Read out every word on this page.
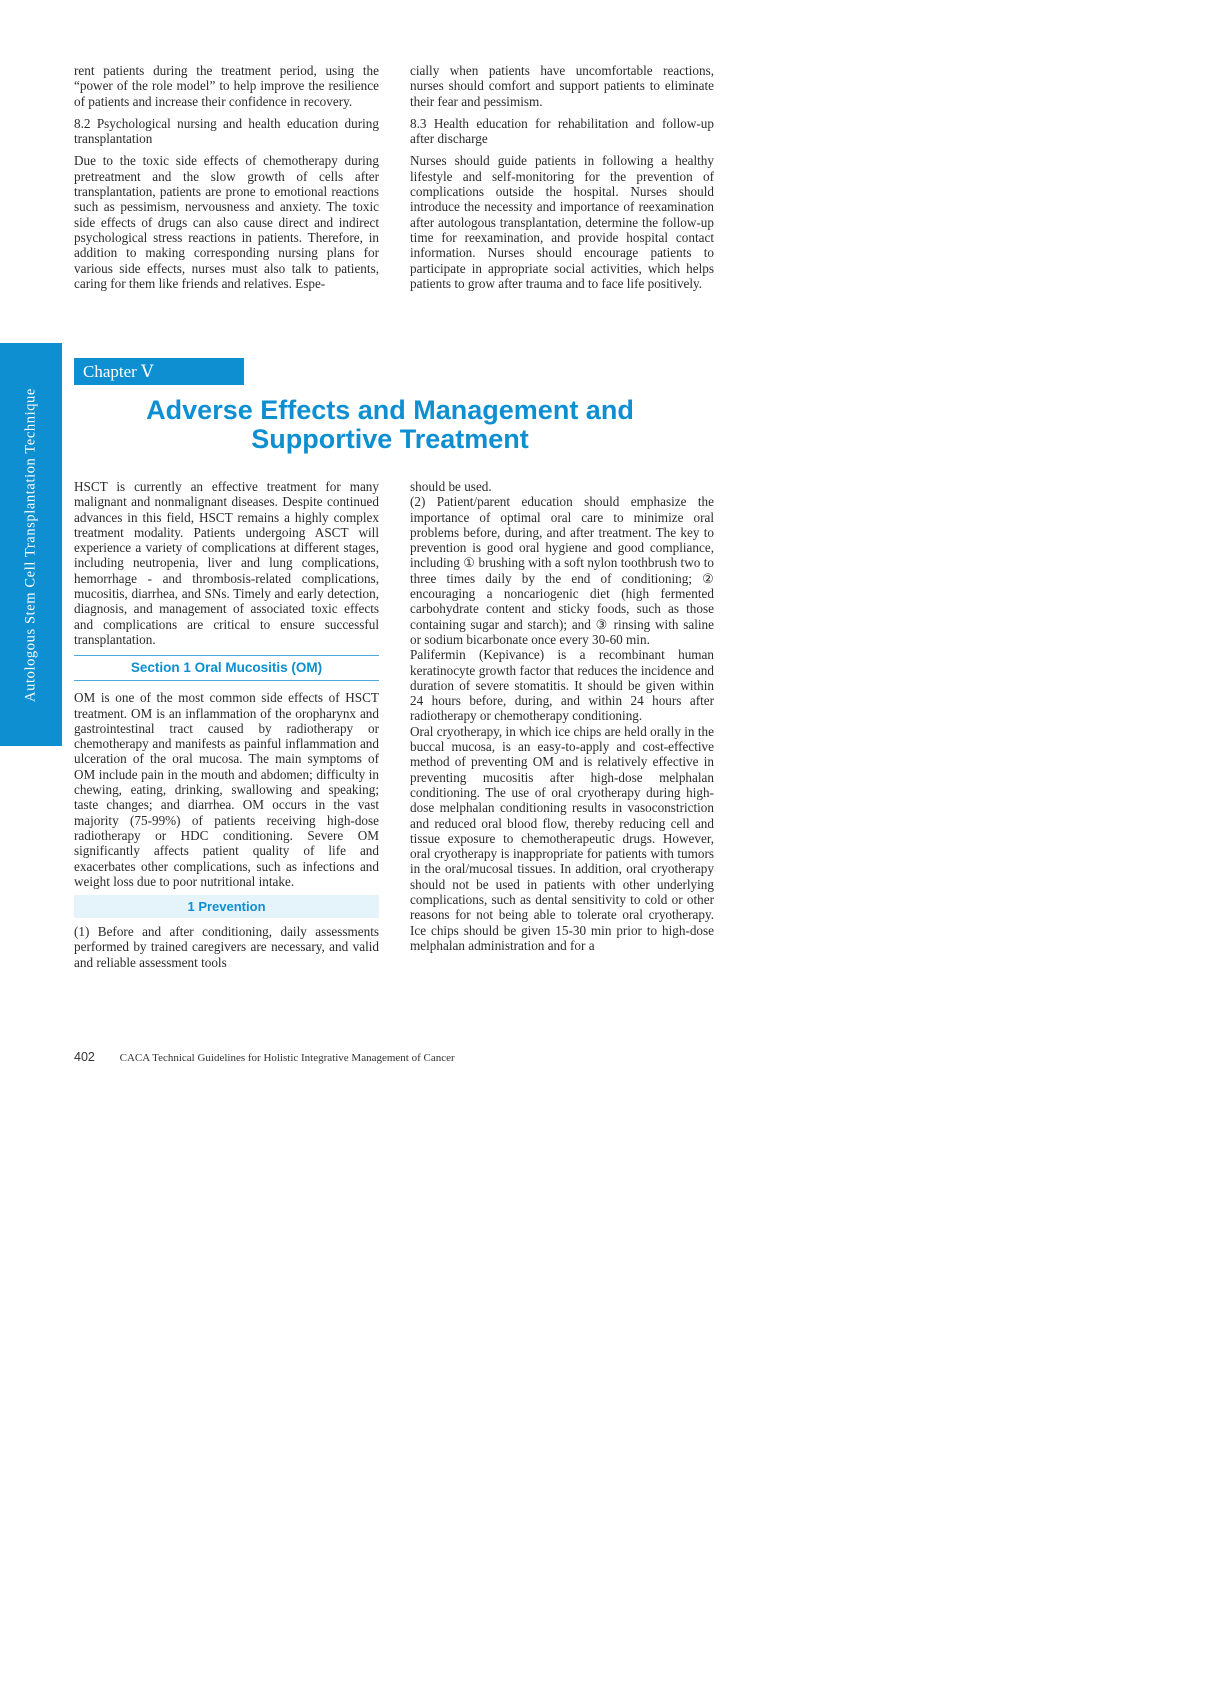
Autologous Stem Cell Transplantation Technique

rent patients during the treatment period, using the “power of the role model” to help improve the resilience of patients and increase their confidence in recovery.

8.2 Psychological nursing and health education during transplantation

Due to the toxic side effects of chemotherapy during pretreatment and the slow growth of cells after transplantation, patients are prone to emotional reactions such as pessimism, nervousness and anxiety. The toxic side effects of drugs can also cause direct and indirect psychological stress reactions in patients. Therefore, in addition to making corresponding nursing plans for various side effects, nurses must also talk to patients, caring for them like friends and relatives. Espe-

cially when patients have uncomfortable reactions, nurses should comfort and support patients to eliminate their fear and pessimism.

8.3 Health education for rehabilitation and follow-up after discharge

Nurses should guide patients in following a healthy lifestyle and self-monitoring for the prevention of complications outside the hospital. Nurses should introduce the necessity and importance of reexamination after autologous transplantation, determine the follow-up time for reexamination, and provide hospital contact information. Nurses should encourage patients to participate in appropriate social activities, which helps patients to grow after trauma and to face life positively.

Chapter Ⅴ
Adverse Effects and Management and
Supportive Treatment

HSCT is currently an effective treatment for many malignant and nonmalignant diseases. Despite continued advances in this field, HSCT remains a highly complex treatment modality. Patients undergoing ASCT will experience a variety of complications at different stages, including neutropenia, liver and lung complications, hemorrhage - and thrombosis-related complications, mucositis, diarrhea, and SNs. Timely and early detection, diagnosis, and management of associated toxic effects and complications are critical to ensure successful transplantation.

Section 1 Oral Mucositis (OM)

OM is one of the most common side effects of HSCT treatment. OM is an inflammation of the oropharynx and gastrointestinal tract caused by radiotherapy or chemotherapy and manifests as painful inflammation and ulceration of the oral mucosa. The main symptoms of OM include pain in the mouth and abdomen; difficulty in chewing, eating, drinking, swallowing and speaking; taste changes; and diarrhea. OM occurs in the vast majority (75-99%) of patients receiving high-dose radiotherapy or HDC conditioning. Severe OM significantly affects patient quality of life and exacerbates other complications, such as infections and weight loss due to poor nutritional intake.

1 Prevention

(1) Before and after conditioning, daily assessments performed by trained caregivers are necessary, and valid and reliable assessment tools

should be used.

(2) Patient/parent education should emphasize the importance of optimal oral care to minimize oral problems before, during, and after treatment. The key to prevention is good oral hygiene and good compliance, including ① brushing with a soft nylon toothbrush two to three times daily by the end of conditioning; ② encouraging a noncariogenic diet (high fermented carbohydrate content and sticky foods, such as those containing sugar and starch); and ③ rinsing with saline or sodium bicarbonate once every 30-60 min.

Palifermin (Kepivance) is a recombinant human keratinocyte growth factor that reduces the incidence and duration of severe stomatitis. It should be given within 24 hours before, during, and within 24 hours after radiotherapy or chemotherapy conditioning.

Oral cryotherapy, in which ice chips are held orally in the buccal mucosa, is an easy-to-apply and cost-effective method of preventing OM and is relatively effective in preventing mucositis after high-dose melphalan conditioning. The use of oral cryotherapy during high-dose melphalan conditioning results in vasoconstriction and reduced oral blood flow, thereby reducing cell and tissue exposure to chemotherapeutic drugs. However, oral cryotherapy is inappropriate for patients with tumors in the oral/mucosal tissues. In addition, oral cryotherapy should not be used in patients with other underlying complications, such as dental sensitivity to cold or other reasons for not being able to tolerate oral cryotherapy. Ice chips should be given 15-30 min prior to high-dose melphalan administration and for a

402 CACA Technical Guidelines for Holistic Integrative Management of Cancer
